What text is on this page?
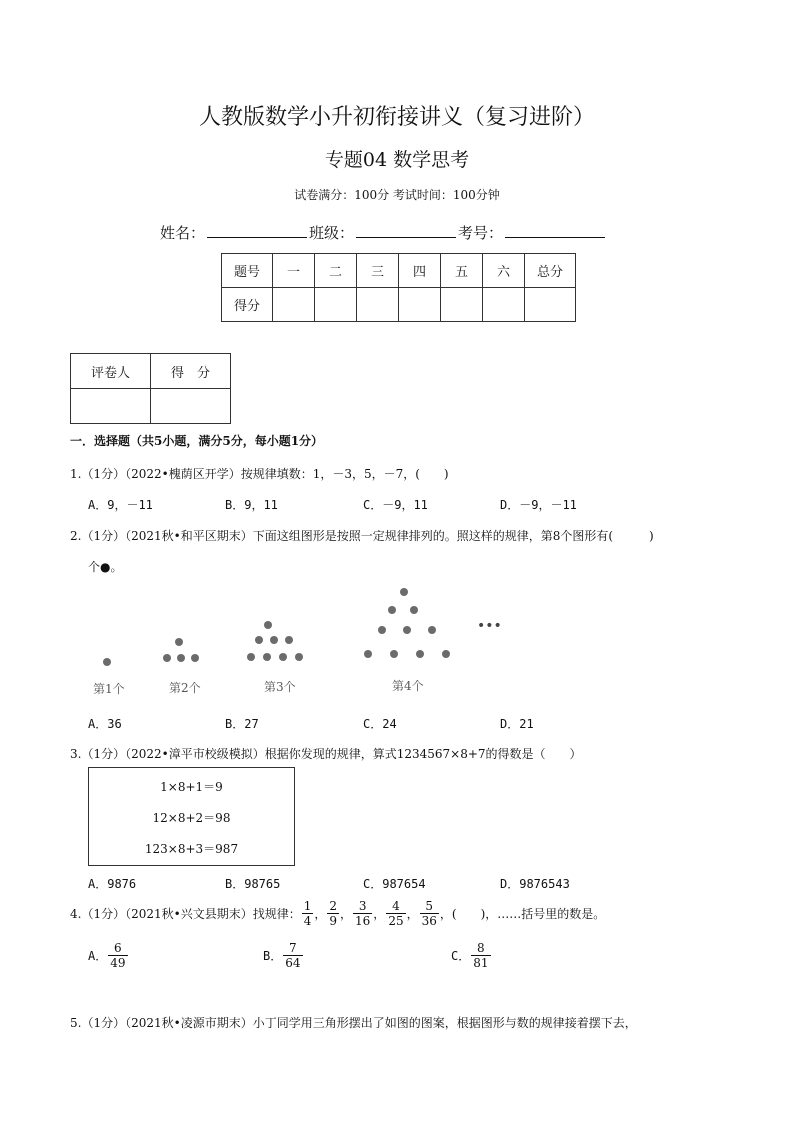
人教版数学小升初衔接讲义（复习进阶）
专题04 数学思考
试卷满分：100分 考试时间：100分钟
姓名：	班级：	考号：
题号	一	二	三	四	五	六	总分
得分							
评卷人	得　分

一．选择题（共5小题，满分5分，每小题1分）
1.（1分）（2022•槐荫区开学）按规律填数：1，－3，5，－7，(　　)
A．9，－11	B．9，11	C．－9，11	D．－9，－11
2.（1分）（2021秋•和平区期末）下面这组图形是按照一定规律排列的。照这样的规律，第8个图形有(　　　)
个●。
•••
第1个	第2个	第3个	第4个
A．36	B．27	C．24	D．21
3.（1分）（2022•漳平市校级模拟）根据你发现的规律，算式1234567×8+7的得数是（　　）
1×8+1＝9
12×8+2＝98
123×8+3＝987
A．9876	B．98765	C．987654	D．9876543
4.（1分）（2021秋•兴文县期末）找规律： $\frac{1}{4}$ ， $\frac{2}{9}$ ， $\frac{3}{16}$ ， $\frac{4}{25}$ ， $\frac{5}{36}$ ，(　　)，……括号里的数是。
A． $\frac{6}{49}$	B． $\frac{7}{64}$	C． $\frac{8}{81}$
5.（1分）（2021秋•凌源市期末）小丁同学用三角形摆出了如图的图案，根据图形与数的规律接着摆下去，
